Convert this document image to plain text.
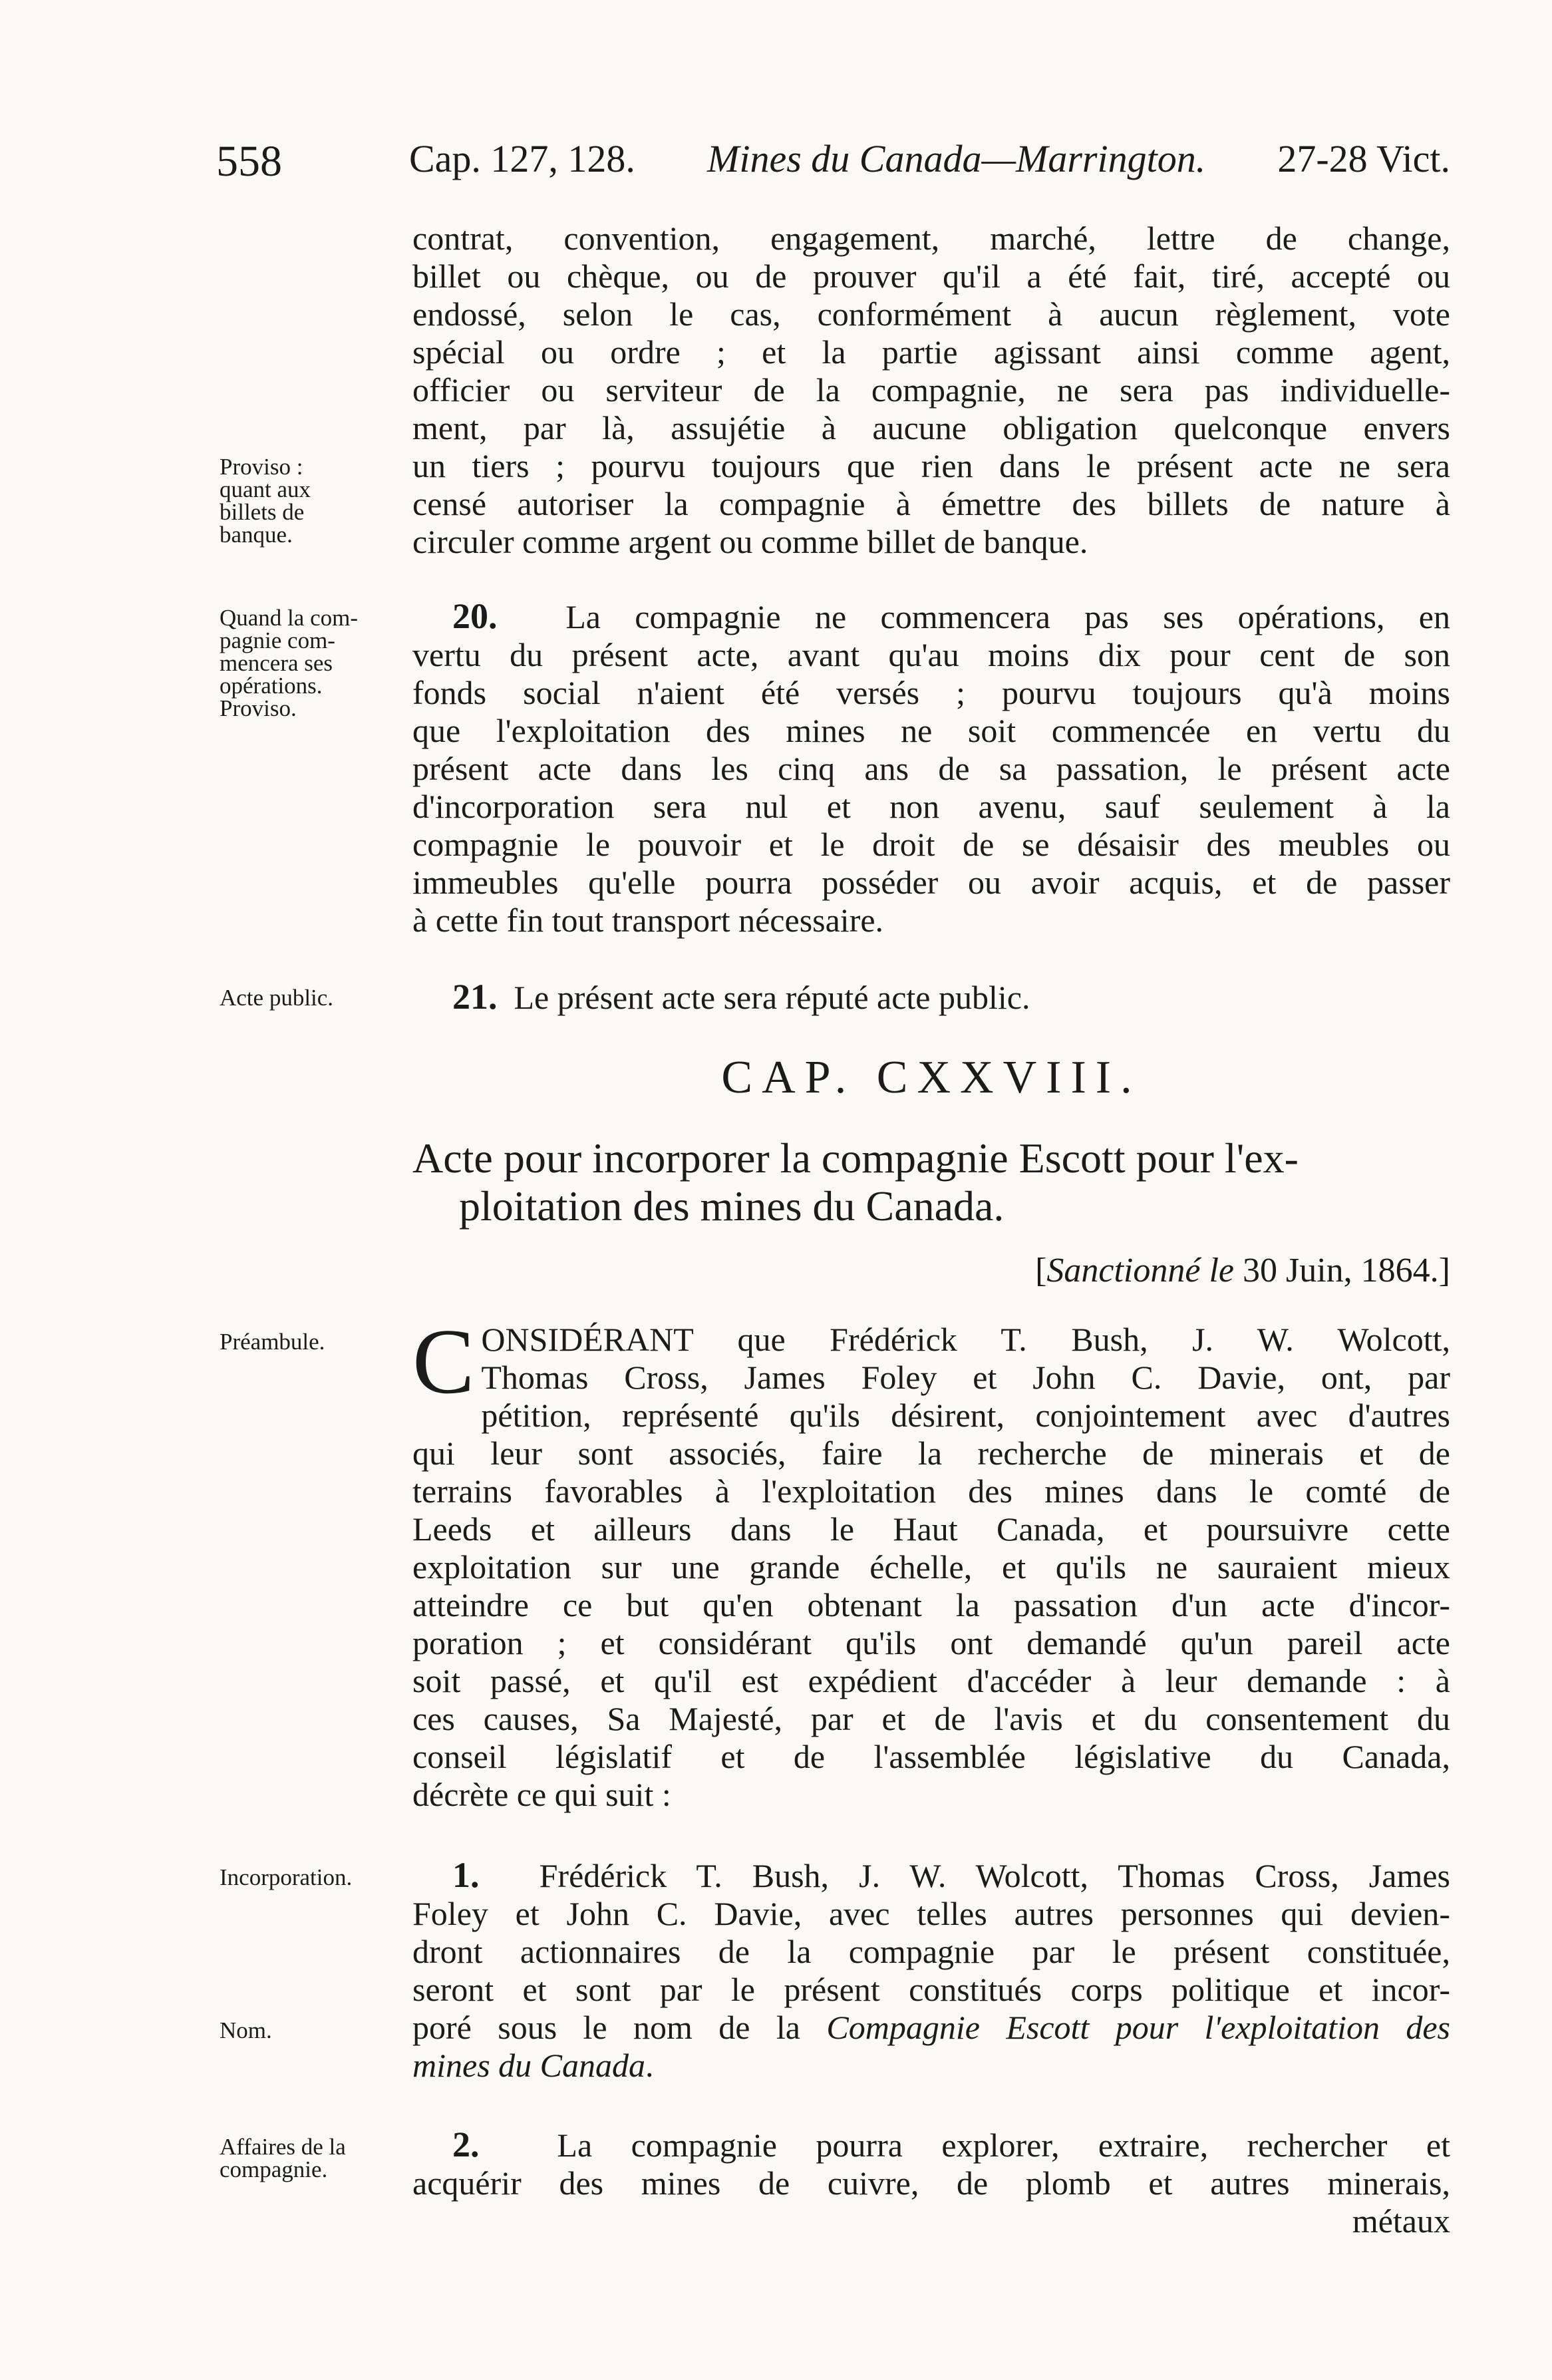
558	Cap. 127, 128. Mines du Canada—Marrington. 27-28 Vict.
contrat, convention, engagement, marché, lettre de change,
billet ou chèque, ou de prouver qu'il a été fait, tiré, accepté ou
endossé, selon le cas, conformément à aucun règlement, vote
spécial ou ordre ; et la partie agissant ainsi comme agent,
officier ou serviteur de la compagnie, ne sera pas individuelle-
ment, par là, assujétie à aucune obligation quelconque envers
un tiers ; pourvu toujours que rien dans le présent acte ne sera
censé autoriser la compagnie à émettre des billets de nature à
circuler comme argent ou comme billet de banque.
Proviso :
quant aux
billets de
banque.
20. La compagnie ne commencera pas ses opérations, en
vertu du présent acte, avant qu'au moins dix pour cent de son
fonds social n'aient été versés ; pourvu toujours qu'à moins
que l'exploitation des mines ne soit commencée en vertu du
présent acte dans les cinq ans de sa passation, le présent acte
d'incorporation sera nul et non avenu, sauf seulement à la
compagnie le pouvoir et le droit de se désaisir des meubles ou
immeubles qu'elle pourra posséder ou avoir acquis, et de passer
à cette fin tout transport nécessaire.
Quand la com-
pagnie com-
mencera ses
opérations.
Proviso.
21. Le présent acte sera réputé acte public.
Acte public.
CAP. CXXVIII.
Acte pour incorporer la compagnie Escott pour l'ex-
ploitation des mines du Canada.
[Sanctionné le 30 Juin, 1864.]
C ONSIDÉRANT que Frédérick T. Bush, J. W. Wolcott,
Thomas Cross, James Foley et John C. Davie, ont, par
pétition, représenté qu'ils désirent, conjointement avec d'autres
qui leur sont associés, faire la recherche de minerais et de
terrains favorables à l'exploitation des mines dans le comté de
Leeds et ailleurs dans le Haut Canada, et poursuivre cette
exploitation sur une grande échelle, et qu'ils ne sauraient mieux
atteindre ce but qu'en obtenant la passation d'un acte d'incor-
poration ; et considérant qu'ils ont demandé qu'un pareil acte
soit passé, et qu'il est expédient d'accéder à leur demande : à
ces causes, Sa Majesté, par et de l'avis et du consentement du
conseil législatif et de l'assemblée législative du Canada,
décrète ce qui suit :
Préambule.
1. Frédérick T. Bush, J. W. Wolcott, Thomas Cross, James
Foley et John C. Davie, avec telles autres personnes qui devien-
dront actionnaires de la compagnie par le présent constituée,
seront et sont par le présent constitués corps politique et incor-
poré sous le nom de la Compagnie Escott pour l'exploitation des
mines du Canada.
Incorporation.
Nom.
2. La compagnie pourra explorer, extraire, rechercher et
acquérir des mines de cuivre, de plomb et autres minerais,
métaux
Affaires de la
compagnie.
